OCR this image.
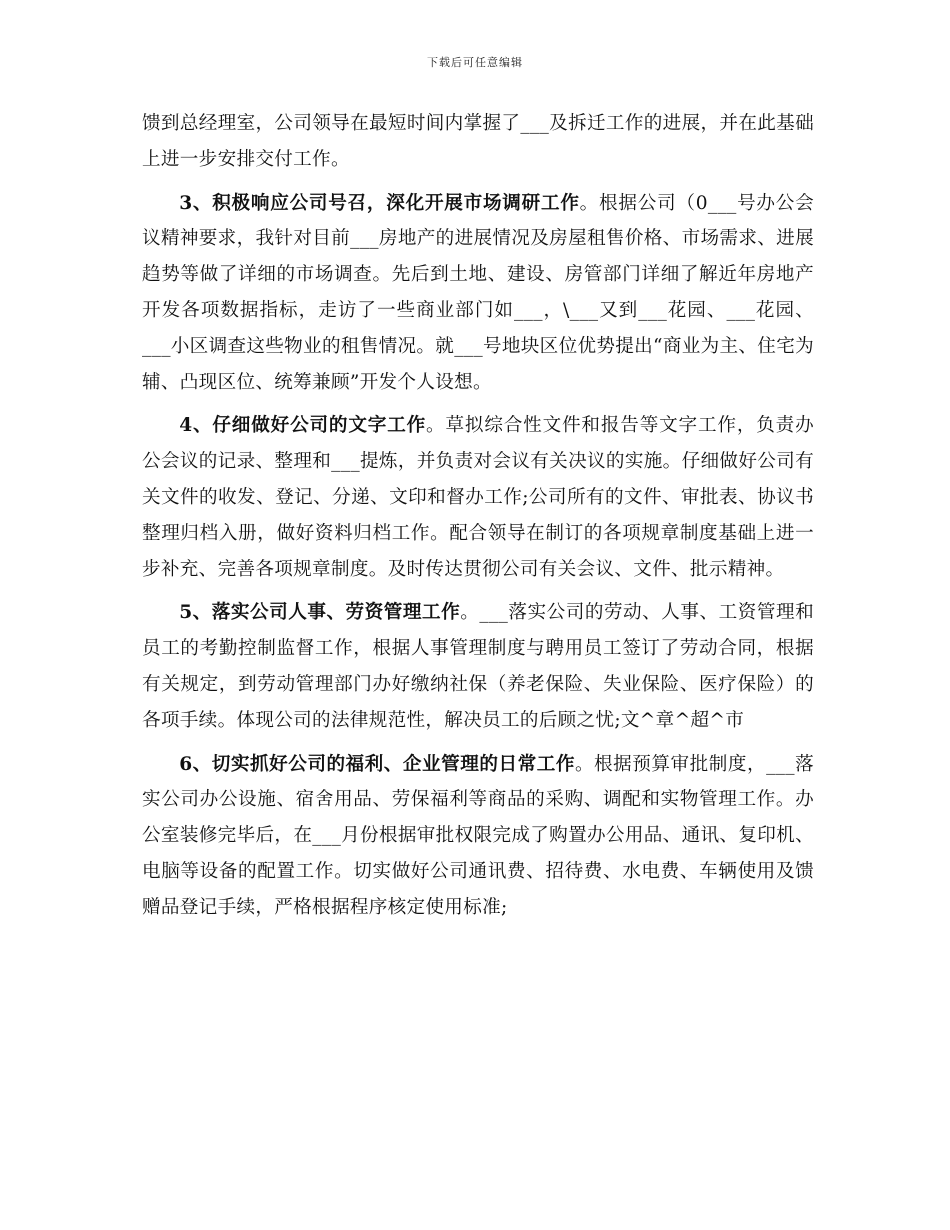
下载后可任意编辑

馈到总经理室，公司领导在最短时间内掌握了___及拆迁工作的进展，并在此基础上进一步安排交付工作。

3、积极响应公司号召，深化开展市场调研工作。根据公司（0___号办公会议精神要求，我针对目前___房地产的进展情况及房屋租售价格、市场需求、进展趋势等做了详细的市场调查。先后到土地、建设、房管部门详细了解近年房地产开发各项数据指标，走访了一些商业部门如___，\___又到___花园、___花园、___小区调查这些物业的租售情况。就___号地块区位优势提出“商业为主、住宅为辅、凸现区位、统筹兼顾”开发个人设想。

4、仔细做好公司的文字工作。草拟综合性文件和报告等文字工作，负责办公会议的记录、整理和___提炼，并负责对会议有关决议的实施。仔细做好公司有关文件的收发、登记、分递、文印和督办工作;公司所有的文件、审批表、协议书整理归档入册，做好资料归档工作。配合领导在制订的各项规章制度基础上进一步补充、完善各项规章制度。及时传达贯彻公司有关会议、文件、批示精神。

5、落实公司人事、劳资管理工作。___落实公司的劳动、人事、工资管理和员工的考勤控制监督工作，根据人事管理制度与聘用员工签订了劳动合同，根据有关规定，到劳动管理部门办好缴纳社保（养老保险、失业保险、医疗保险）的各项手续。体现公司的法律规范性，解决员工的后顾之忧;文^章^超^市

6、切实抓好公司的福利、企业管理的日常工作。根据预算审批制度，___落实公司办公设施、宿舍用品、劳保福利等商品的采购、调配和实物管理工作。办公室装修完毕后，在___月份根据审批权限完成了购置办公用品、通讯、复印机、电脑等设备的配置工作。切实做好公司通讯费、招待费、水电费、车辆使用及馈赠品登记手续，严格根据程序核定使用标准;
